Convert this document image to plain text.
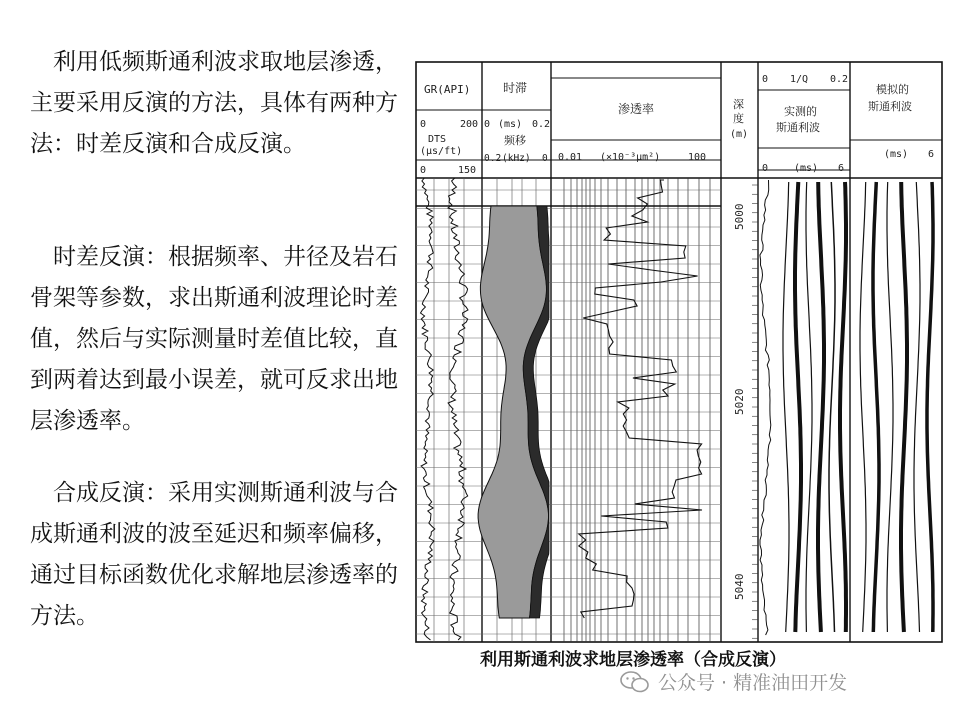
　利用低频斯通利波求取地层渗透，主要采用反演的方法，具体有两种方法：时差反演和合成反演。

　时差反演：根据频率、井径及岩石骨架等参数，求出斯通利波理论时差值，然后与实际测量时差值比较，直到两着达到最小误差，就可反求出地层渗透率。

　合成反演：采用实测斯通利波与合成斯通利波的波至延迟和频率偏移，通过目标函数优化求解地层渗透率的方法。

GR(API)
0	200
DTS
(μs/ft)
0	150
时滞
0 (ms) 0.2
频移
0.2 (kHz) 0
渗透率
0.01 (×10⁻³μm²)	100
深
度
(m)
0 1/Q 0.2
实测的
斯通利波
0	(ms) 6
模拟的
斯通利波
(ms) 6
5000
5020
5040
利用斯通利波求地层渗透率（合成反演）
公众号 · 精准油田开发
